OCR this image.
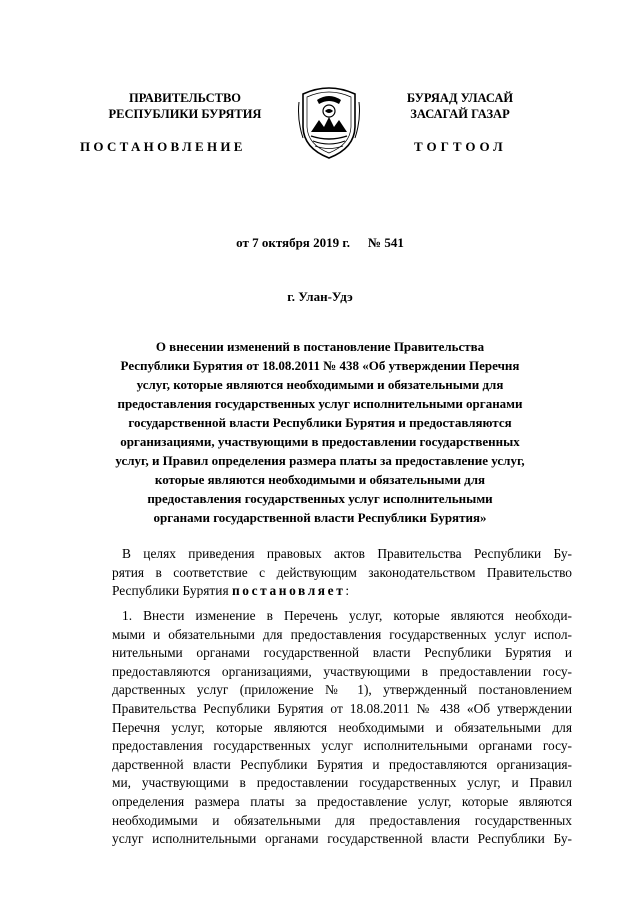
ПРАВИТЕЛЬСТВО
РЕСПУБЛИКИ БУРЯТИЯ
БУРЯАД УЛАСАЙ
ЗАСАГАЙ ГАЗАР
ПОСТАНОВЛЕНИЕ	ТОГТООЛ
от 7 октября 2019 г. № 541
г. Улан-Удэ
О внесении изменений в постановление Правительства
Республики Бурятия от 18.08.2011 № 438 «Об утверждении Перечня
услуг, которые являются необходимыми и обязательными для
предоставления государственных услуг исполнительными органами
государственной власти Республики Бурятия и предоставляются
организациями, участвующими в предоставлении государственных
услуг, и Правил определения размера платы за предоставление услуг,
которые являются необходимыми и обязательными для
предоставления государственных услуг исполнительными
органами государственной власти Республики Бурятия»
В целях приведения правовых актов Правительства Республики Бу-
рятия в соответствие с действующим законодательством Правительство
Республики Бурятия постановляет:
1. Внести изменение в Перечень услуг, которые являются необходи-
мыми и обязательными для предоставления государственных услуг испол-
нительными органами государственной власти Республики Бурятия и
предоставляются организациями, участвующими в предоставлении госу-
дарственных услуг (приложение № 1), утвержденный постановлением
Правительства Республики Бурятия от 18.08.2011 № 438 «Об утверждении
Перечня услуг, которые являются необходимыми и обязательными для
предоставления государственных услуг исполнительными органами госу-
дарственной власти Республики Бурятия и предоставляются организация-
ми, участвующими в предоставлении государственных услуг, и Правил
определения размера платы за предоставление услуг, которые являются
необходимыми и обязательными для предоставления государственных
услуг исполнительными органами государственной власти Республики Бу-
